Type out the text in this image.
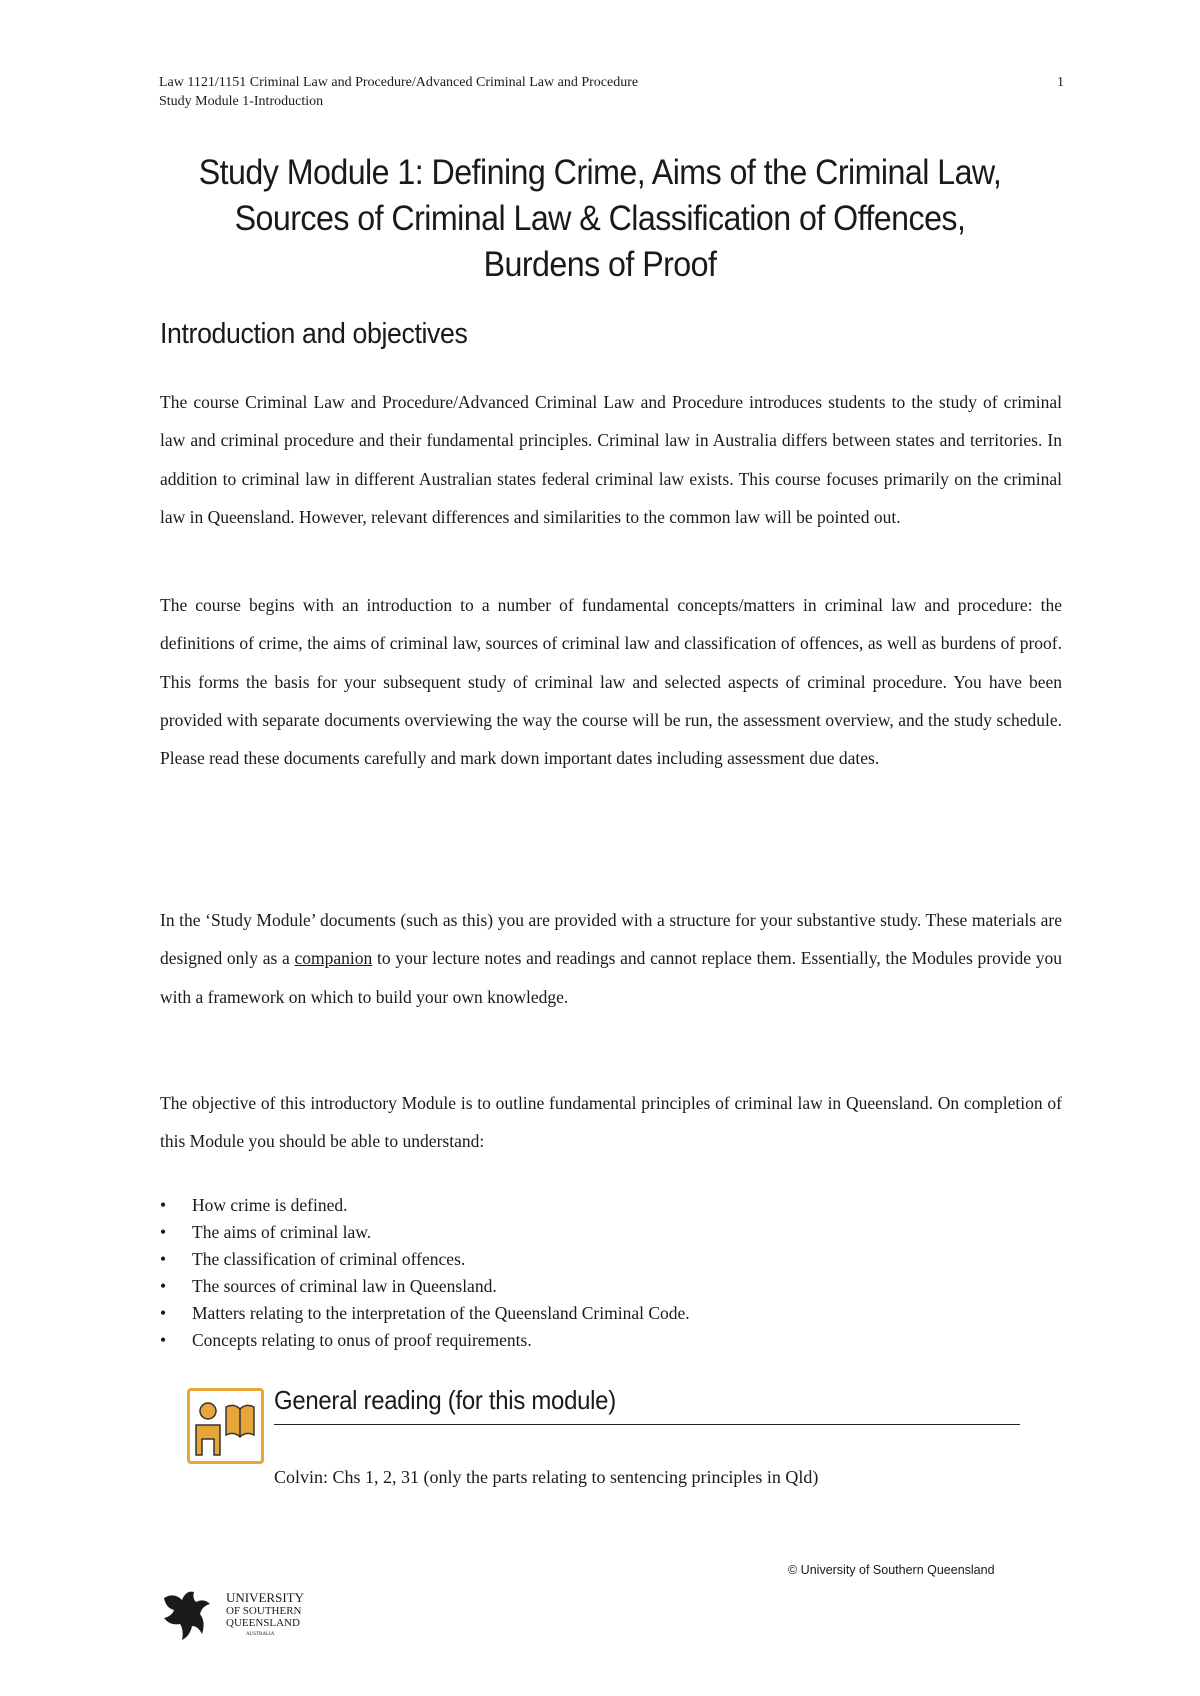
Law 1121/1151 Criminal Law and Procedure/Advanced Criminal Law and Procedure
Study Module 1-Introduction
1
Study Module 1: Defining Crime, Aims of the Criminal Law,
Sources of Criminal Law & Classification of Offences,
Burdens of Proof
Introduction and objectives

The course Criminal Law and Procedure/Advanced Criminal Law and Procedure introduces students to the study of criminal law and criminal procedure and their fundamental principles. Criminal law in Australia differs between states and territories. In addition to criminal law in different Australian states federal criminal law exists. This course focuses primarily on the criminal law in Queensland. However, relevant differences and similarities to the common law will be pointed out.

The course begins with an introduction to a number of fundamental concepts/matters in criminal law and procedure: the definitions of crime, the aims of criminal law, sources of criminal law and classification of offences, as well as burdens of proof. This forms the basis for your subsequent study of criminal law and selected aspects of criminal procedure. You have been provided with separate documents overviewing the way the course will be run, the assessment overview, and the study schedule. Please read these documents carefully and mark down important dates including assessment due dates.

In the ‘Study Module’ documents (such as this) you are provided with a structure for your substantive study. These materials are designed only as a companion to your lecture notes and readings and cannot replace them. Essentially, the Modules provide you with a framework on which to build your own knowledge.

The objective of this introductory Module is to outline fundamental principles of criminal law in Queensland. On completion of this Module you should be able to understand:

• How crime is defined.
• The aims of criminal law.
• The classification of criminal offences.
• The sources of criminal law in Queensland.
• Matters relating to the interpretation of the Queensland Criminal Code.
• Concepts relating to onus of proof requirements.
General reading (for this module)

Colvin: Chs 1, 2, 31 (only the parts relating to sentencing principles in Qld)

© University of Southern Queensland
UNIVERSITY
OF SOUTHERN
QUEENSLAND
AUSTRALIA
